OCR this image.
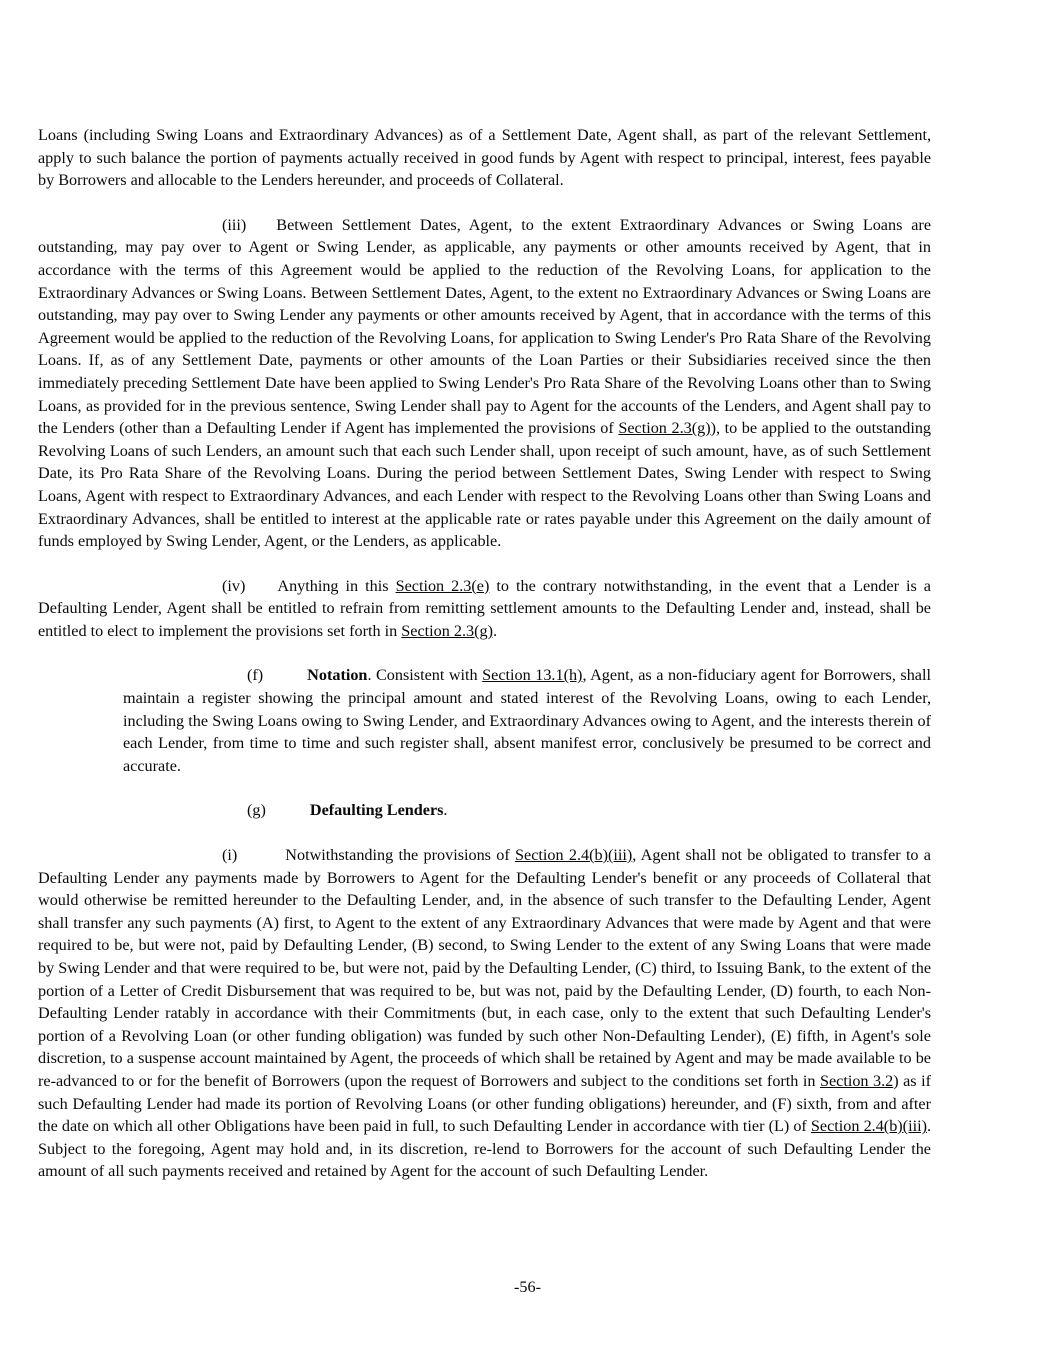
Loans (including Swing Loans and Extraordinary Advances) as of a Settlement Date, Agent shall, as part of the relevant Settlement, apply to such balance the portion of payments actually received in good funds by Agent with respect to principal, interest, fees payable by Borrowers and allocable to the Lenders hereunder, and proceeds of Collateral.

(iii) Between Settlement Dates, Agent, to the extent Extraordinary Advances or Swing Loans are outstanding, may pay over to Agent or Swing Lender, as applicable, any payments or other amounts received by Agent, that in accordance with the terms of this Agreement would be applied to the reduction of the Revolving Loans, for application to the Extraordinary Advances or Swing Loans. Between Settlement Dates, Agent, to the extent no Extraordinary Advances or Swing Loans are outstanding, may pay over to Swing Lender any payments or other amounts received by Agent, that in accordance with the terms of this Agreement would be applied to the reduction of the Revolving Loans, for application to Swing Lender's Pro Rata Share of the Revolving Loans. If, as of any Settlement Date, payments or other amounts of the Loan Parties or their Subsidiaries received since the then immediately preceding Settlement Date have been applied to Swing Lender's Pro Rata Share of the Revolving Loans other than to Swing Loans, as provided for in the previous sentence, Swing Lender shall pay to Agent for the accounts of the Lenders, and Agent shall pay to the Lenders (other than a Defaulting Lender if Agent has implemented the provisions of Section 2.3(g)), to be applied to the outstanding Revolving Loans of such Lenders, an amount such that each such Lender shall, upon receipt of such amount, have, as of such Settlement Date, its Pro Rata Share of the Revolving Loans. During the period between Settlement Dates, Swing Lender with respect to Swing Loans, Agent with respect to Extraordinary Advances, and each Lender with respect to the Revolving Loans other than Swing Loans and Extraordinary Advances, shall be entitled to interest at the applicable rate or rates payable under this Agreement on the daily amount of funds employed by Swing Lender, Agent, or the Lenders, as applicable.

(iv) Anything in this Section 2.3(e) to the contrary notwithstanding, in the event that a Lender is a Defaulting Lender, Agent shall be entitled to refrain from remitting settlement amounts to the Defaulting Lender and, instead, shall be entitled to elect to implement the provisions set forth in Section 2.3(g).

(f)	Notation. Consistent with Section 13.1(h), Agent, as a non-fiduciary agent for Borrowers, shall maintain a register showing the principal amount and stated interest of the Revolving Loans, owing to each Lender, including the Swing Loans owing to Swing Lender, and Extraordinary Advances owing to Agent, and the interests therein of each Lender, from time to time and such register shall, absent manifest error, conclusively be presumed to be correct and accurate.

(g)	Defaulting Lenders.

(i)	Notwithstanding the provisions of Section 2.4(b)(iii), Agent shall not be obligated to transfer to a Defaulting Lender any payments made by Borrowers to Agent for the Defaulting Lender's benefit or any proceeds of Collateral that would otherwise be remitted hereunder to the Defaulting Lender, and, in the absence of such transfer to the Defaulting Lender, Agent shall transfer any such payments (A) first, to Agent to the extent of any Extraordinary Advances that were made by Agent and that were required to be, but were not, paid by Defaulting Lender, (B) second, to Swing Lender to the extent of any Swing Loans that were made by Swing Lender and that were required to be, but were not, paid by the Defaulting Lender, (C) third, to Issuing Bank, to the extent of the portion of a Letter of Credit Disbursement that was required to be, but was not, paid by the Defaulting Lender, (D) fourth, to each Non-Defaulting Lender ratably in accordance with their Commitments (but, in each case, only to the extent that such Defaulting Lender's portion of a Revolving Loan (or other funding obligation) was funded by such other Non-Defaulting Lender), (E) fifth, in Agent's sole discretion, to a suspense account maintained by Agent, the proceeds of which shall be retained by Agent and may be made available to be re-advanced to or for the benefit of Borrowers (upon the request of Borrowers and subject to the conditions set forth in Section 3.2) as if such Defaulting Lender had made its portion of Revolving Loans (or other funding obligations) hereunder, and (F) sixth, from and after the date on which all other Obligations have been paid in full, to such Defaulting Lender in accordance with tier (L) of Section 2.4(b)(iii). Subject to the foregoing, Agent may hold and, in its discretion, re-lend to Borrowers for the account of such Defaulting Lender the amount of all such payments received and retained by Agent for the account of such Defaulting Lender.

-56-
